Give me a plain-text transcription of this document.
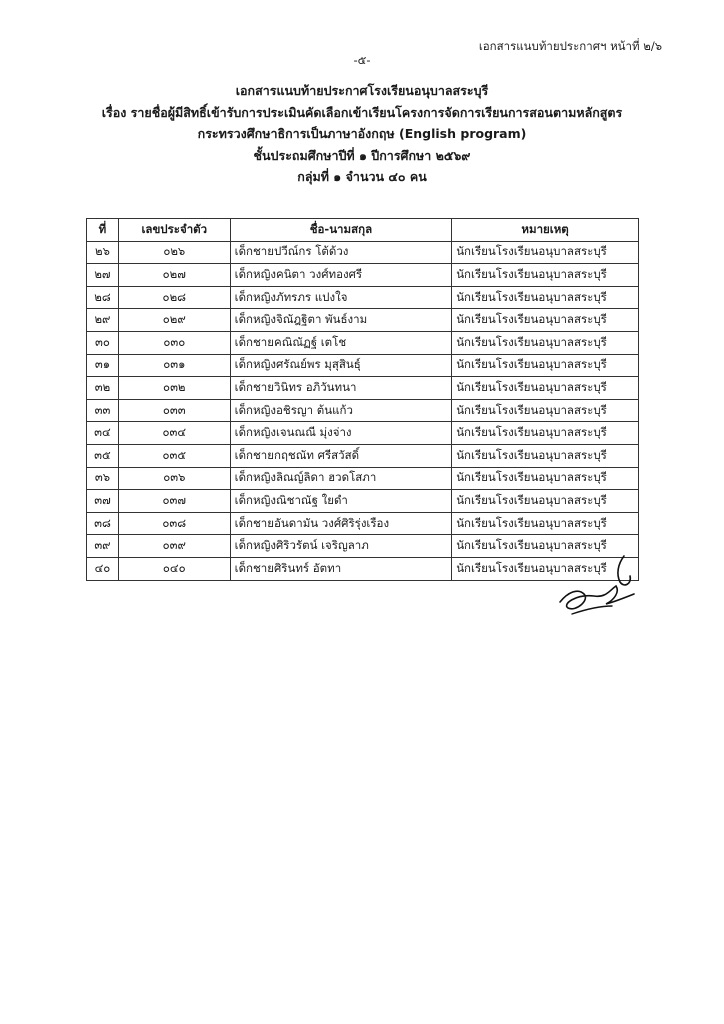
เอกสารแนบท้ายประกาศฯ หน้าที่ ๒/๖
-๕-
เอกสารแนบท้ายประกาศโรงเรียนอนุบาลสระบุรี
เรื่อง รายชื่อผู้มีสิทธิ์เข้ารับการประเมินคัดเลือกเข้าเรียนโครงการจัดการเรียนการสอนตามหลักสูตร
กระทรวงศึกษาธิการเป็นภาษาอังกฤษ (English program)
ชั้นประถมศึกษาปีที่ ๑ ปีการศึกษา ๒๕๖๙
กลุ่มที่ ๑ จำนวน ๔๐ คน
ที่	เลขประจำตัว	ชื่อ-นามสกุล	หมายเหตุ
๒๖	๐๒๖	เด็กชายปวีณ์กร โต้ด้วง	นักเรียนโรงเรียนอนุบาลสระบุรี
๒๗	๐๒๗	เด็กหญิงคนิตา วงศ์ทองศรี	นักเรียนโรงเรียนอนุบาลสระบุรี
๒๘	๐๒๘	เด็กหญิงภัทรภร แปงใจ	นักเรียนโรงเรียนอนุบาลสระบุรี
๒๙	๐๒๙	เด็กหญิงจิณัฎฐิตา พันธ์งาม	นักเรียนโรงเรียนอนุบาลสระบุรี
๓๐	๐๓๐	เด็กชายคณิณัฏฐ์ เตโช	นักเรียนโรงเรียนอนุบาลสระบุรี
๓๑	๐๓๑	เด็กหญิงศรัณย์พร มุสุสินธุ์	นักเรียนโรงเรียนอนุบาลสระบุรี
๓๒	๐๓๒	เด็กชายวินิทร อภิวันทนา	นักเรียนโรงเรียนอนุบาลสระบุรี
๓๓	๐๓๓	เด็กหญิงอชิรญา ต้นแก้ว	นักเรียนโรงเรียนอนุบาลสระบุรี
๓๔	๐๓๔	เด็กหญิงเจนณณี มุ่งจ่าง	นักเรียนโรงเรียนอนุบาลสระบุรี
๓๕	๐๓๕	เด็กชายกฤชณัท ศรีสวัสดิ์	นักเรียนโรงเรียนอนุบาลสระบุรี
๓๖	๐๓๖	เด็กหญิงลิณญ์ลิดา ฮวดโสภา	นักเรียนโรงเรียนอนุบาลสระบุรี
๓๗	๐๓๗	เด็กหญิงณิชาณัฐ ใยดำ	นักเรียนโรงเรียนอนุบาลสระบุรี
๓๘	๐๓๘	เด็กชายอันดามัน วงศ์ศิริรุ่งเรือง	นักเรียนโรงเรียนอนุบาลสระบุรี
๓๙	๐๓๙	เด็กหญิงศิริวรัตน์ เจริญลาภ	นักเรียนโรงเรียนอนุบาลสระบุรี
๔๐	๐๔๐	เด็กชายศิรินทร์ อัตทา	นักเรียนโรงเรียนอนุบาลสระบุรี
